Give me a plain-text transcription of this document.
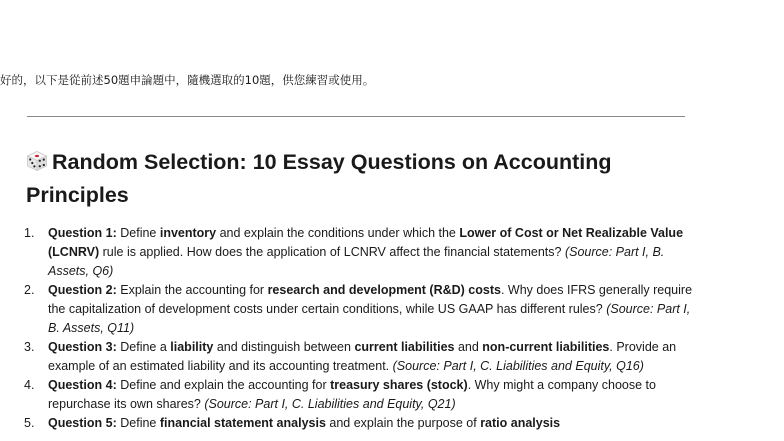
好的，以下是從前述50題申論題中，隨機選取的10題，供您練習或使用。

Random Selection: 10 Essay Questions on Accounting Principles
1. Question 1: Define inventory and explain the conditions under which the Lower of Cost or Net Realizable Value (LCNRV) rule is applied. How does the application of LCNRV affect the financial statements? (Source: Part I, B. Assets, Q6)
2. Question 2: Explain the accounting for research and development (R&D) costs. Why does IFRS generally require the capitalization of development costs under certain conditions, while US GAAP has different rules? (Source: Part I, B. Assets, Q11)
3. Question 3: Define a liability and distinguish between current liabilities and non-current liabilities. Provide an example of an estimated liability and its accounting treatment. (Source: Part I, C. Liabilities and Equity, Q16)
4. Question 4: Define and explain the accounting for treasury shares (stock). Why might a company choose to repurchase its own shares? (Source: Part I, C. Liabilities and Equity, Q21)
5. Question 5: Define financial statement analysis and explain the purpose of ratio analysis
